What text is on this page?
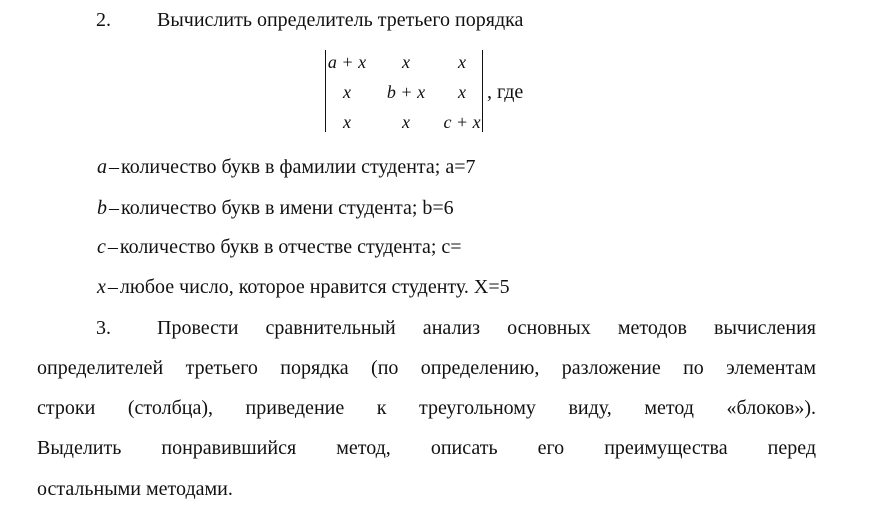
2. Вычислить определитель третьего порядка
a + x x	x
x b + x x
x	x c + x
, где
a – количество букв в фамилии студента; a=7
b – количество букв в имени студента; b=6
c – количество букв в отчестве студента; c=
x – любое число, которое нравится студенту. X=5
3. Провести сравнительный анализ основных методов вычисления
определителей третьего порядка (по определению, разложение по элементам
строки (столбца), приведение к треугольному виду, метод «блоков»).
Выделить понравившийся метод, описать его преимущества перед
остальными методами.
